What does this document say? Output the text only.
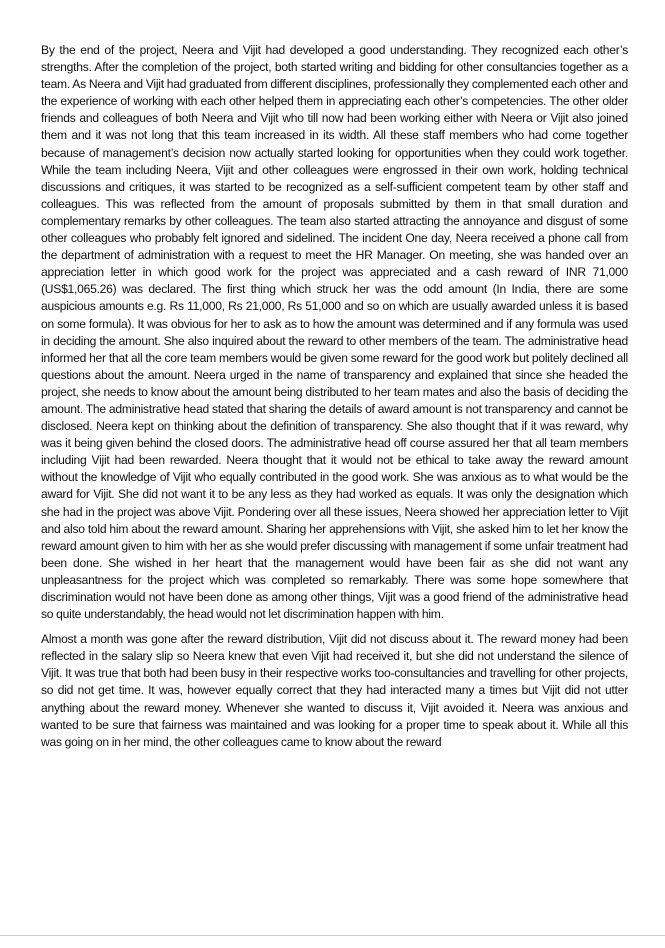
By the end of the project, Neera and Vijit had developed a good understanding. They recognized each other’s strengths. After the completion of the project, both started writing and bidding for other consultancies together as a team. As Neera and Vijit had graduated from different disciplines, professionally they complemented each other and the experience of working with each other helped them in appreciating each other’s competencies. The other older friends and colleagues of both Neera and Vijit who till now had been working either with Neera or Vijit also joined them and it was not long that this team increased in its width. All these staff members who had come together because of management’s decision now actually started looking for opportunities when they could work together. While the team including Neera, Vijit and other colleagues were engrossed in their own work, holding technical discussions and critiques, it was started to be recognized as a self-sufficient competent team by other staff and colleagues. This was reflected from the amount of proposals submitted by them in that small duration and complementary remarks by other colleagues. The team also started attracting the annoyance and disgust of some other colleagues who probably felt ignored and sidelined. The incident One day, Neera received a phone call from the department of administration with a request to meet the HR Manager. On meeting, she was handed over an appreciation letter in which good work for the project was appreciated and a cash reward of INR 71,000 (US$1,065.26) was declared. The first thing which struck her was the odd amount (In India, there are some auspicious amounts e.g. Rs 11,000, Rs 21,000, Rs 51,000 and so on which are usually awarded unless it is based on some formula). It was obvious for her to ask as to how the amount was determined and if any formula was used in deciding the amount. She also inquired about the reward to other members of the team. The administrative head informed her that all the core team members would be given some reward for the good work but politely declined all questions about the amount. Neera urged in the name of transparency and explained that since she headed the project, she needs to know about the amount being distributed to her team mates and also the basis of deciding the amount. The administrative head stated that sharing the details of award amount is not transparency and cannot be disclosed. Neera kept on thinking about the definition of transparency. She also thought that if it was reward, why was it being given behind the closed doors. The administrative head off course assured her that all team members including Vijit had been rewarded. Neera thought that it would not be ethical to take away the reward amount without the knowledge of Vijit who equally contributed in the good work. She was anxious as to what would be the award for Vijit. She did not want it to be any less as they had worked as equals. It was only the designation which she had in the project was above Vijit. Pondering over all these issues, Neera showed her appreciation letter to Vijit and also told him about the reward amount. Sharing her apprehensions with Vijit, she asked him to let her know the reward amount given to him with her as she would prefer discussing with management if some unfair treatment had been done. She wished in her heart that the management would have been fair as she did not want any unpleasantness for the project which was completed so remarkably. There was some hope somewhere that discrimination would not have been done as among other things, Vijit was a good friend of the administrative head so quite understandably, the head would not let discrimination happen with him.

Almost a month was gone after the reward distribution, Vijit did not discuss about it. The reward money had been reflected in the salary slip so Neera knew that even Vijit had received it, but she did not understand the silence of Vijit. It was true that both had been busy in their respective works too-consultancies and travelling for other projects, so did not get time. It was, however equally correct that they had interacted many a times but Vijit did not utter anything about the reward money. Whenever she wanted to discuss it, Vijit avoided it. Neera was anxious and wanted to be sure that fairness was maintained and was looking for a proper time to speak about it. While all this was going on in her mind, the other colleagues came to know about the reward
